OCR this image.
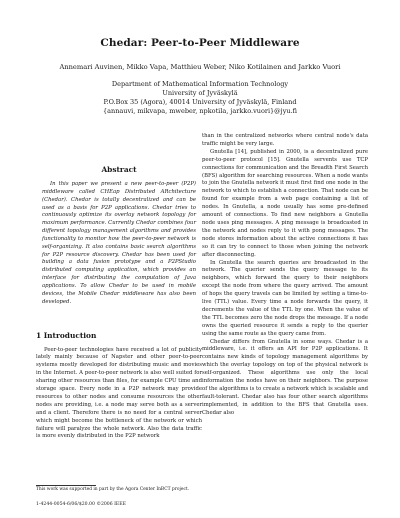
Chedar: Peer-to-Peer Middleware
Annemari Auvinen, Mikko Vapa, Matthieu Weber, Niko Kotilainen and Jarkko Vuori
Department of Mathematical Information Technology
University of Jyväskylä
P.O.Box 35 (Agora), 40014 University of Jyväskylä, Finland
{annauvi, mikvapa, mweber, npkotila, jarkko.vuori}@jyu.fi

Abstract

In this paper we present a new peer-to-peer (P2P) middleware called CHEap Distributed ARchitecture (Chedar). Chedar is totally decentralized and can be used as a basis for P2P applications. Chedar tries to continuously optimize its overlay network topology for maximum performance. Currently Chedar combines four different topology management algorithms and provides functionality to monitor how the peer-to-peer network is self-organizing. It also contains basic search algorithms for P2P resource discovery. Chedar has been used for building a data fusion prototype and a P2PStudio distributed computing application, which provides an interface for distributing the computation of Java applications. To allow Chedar to be used in mobile devices, the Mobile Chedar middleware has also been developed.

1 Introduction

Peer-to-peer technologies have received a lot of publicity lately mainly because of Napster and other peer-to-peer systems mostly developed for distributing music and movies in the Internet. A peer-to-peer network is also well suited for sharing other resources than files, for example CPU time and storage space. Every node in a P2P network may provide resources to other nodes and consume resources the other nodes are providing, i.e. a node may serve both as a server and a client. Therefore there is no need for a central server which might become the bottleneck of the network or which failure will paralyze the whole network. Also the data traffic is more evenly distributed in the P2P network

than in the centralized networks where central node's data traffic might be very large.

Gnutella [14], published in 2000, is a decentralized pure peer-to-peer protocol [15]. Gnutella servents use TCP connections for communication and the Breadth First Search (BFS) algorithm for searching resources. When a node wants to join the Gnutella network it must first find one node in the network to which to establish a connection. That node can be found for example from a web page containing a list of nodes. In Gnutella, a node usually has some pre-defined amount of connections. To find new neighbors a Gnutella node uses ping messages. A ping message is broadcasted in the network and nodes reply to it with pong messages. The node stores information about the active connections it has so it can try to connect to those when joining the network after disconnecting.

In Gnutella the search queries are broadcasted in the network. The querier sends the query message to its neighbors, which forward the query to their neighbors except the node from where the query arrived. The amount of hops the query travels can be limited by setting a time-to-live (TTL) value. Every time a node forwards the query, it decrements the value of the TTL by one. When the value of the TTL becomes zero the node drops the message. If a node owns the queried resource it sends a reply to the querier using the same route as the query came from.

Chedar differs from Gnutella in some ways. Chedar is a middleware, i.e. it offers an API for P2P applications. It contains new kinds of topology management algorithms by which the overlay topology on top of the physical network is self-organized. These algorithms use only the local information the nodes have on their neighbors. The purpose of the algorithms is to create a network which is scalable and fault-tolerant. Chedar also has four other search algorithms implemented, in addition to the BFS that Gnutella uses. Chedar also

This work was supported in part by the Agora Center InBCT project.
1-4244-0054-6/06/$20.00 ©2006 IEEE
